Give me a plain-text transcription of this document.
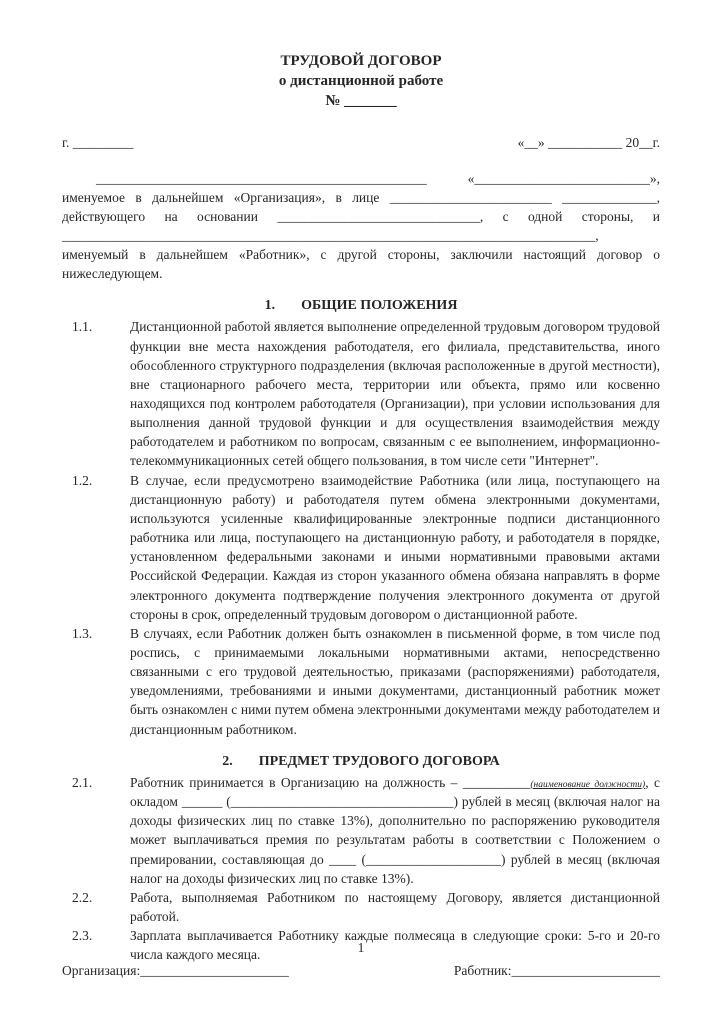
ТРУДОВОЙ ДОГОВОР
о дистанционной работе
№ _______
г. _________	«__» ___________ 20__г.

_________________________________________________ «__________________________», именуемое в дальнейшем «Организация», в лице ________________________ ______________, действующего на основании ______________________________, с одной стороны, и _______________________________________________________________________________, именуемый в дальнейшем «Работник», с другой стороны, заключили настоящий договор о нижеследующем.

1. ОБЩИЕ ПОЛОЖЕНИЯ
1.1.	Дистанционной работой является выполнение определенной трудовым договором трудовой функции вне места нахождения работодателя, его филиала, представительства, иного обособленного структурного подразделения (включая расположенные в другой местности), вне стационарного рабочего места, территории или объекта, прямо или косвенно находящихся под контролем работодателя (Организации), при условии использования для выполнения данной трудовой функции и для осуществления взаимодействия между работодателем и работником по вопросам, связанным с ее выполнением, информационно-телекоммуникационных сетей общего пользования, в том числе сети "Интернет".
1.2.	В случае, если предусмотрено взаимодействие Работника (или лица, поступающего на дистанционную работу) и работодателя путем обмена электронными документами, используются усиленные квалифицированные электронные подписи дистанционного работника или лица, поступающего на дистанционную работу, и работодателя в порядке, установленном федеральными законами и иными нормативными правовыми актами Российской Федерации. Каждая из сторон указанного обмена обязана направлять в форме электронного документа подтверждение получения электронного документа от другой стороны в срок, определенный трудовым договором о дистанционной работе.
1.3.	В случаях, если Работник должен быть ознакомлен в письменной форме, в том числе под роспись, с принимаемыми локальными нормативными актами, непосредственно связанными с его трудовой деятельностью, приказами (распоряжениями) работодателя, уведомлениями, требованиями и иными документами, дистанционный работник может быть ознакомлен с ними путем обмена электронными документами между работодателем и дистанционным работником.
2. ПРЕДМЕТ ТРУДОВОГО ДОГОВОРА
2.1.	Работник принимается в Организацию на должность – __________(наименование должности), с окладом ______ (_________________________________) рублей в месяц (включая налог на доходы физических лиц по ставке 13%), дополнительно по распоряжению руководителя может выплачиваться премия по результатам работы в соответствии с Положением о премировании, составляющая до ____ (____________________) рублей в месяц (включая налог на доходы физических лиц по ставке 13%).
2.2.	Работа, выполняемая Работником по настоящему Договору, является дистанционной работой.
2.3.	Зарплата выплачивается Работнику каждые полмесяца в следующие сроки: 5-го и 20-го числа каждого месяца.
1
Организация:______________________	Работник:______________________
